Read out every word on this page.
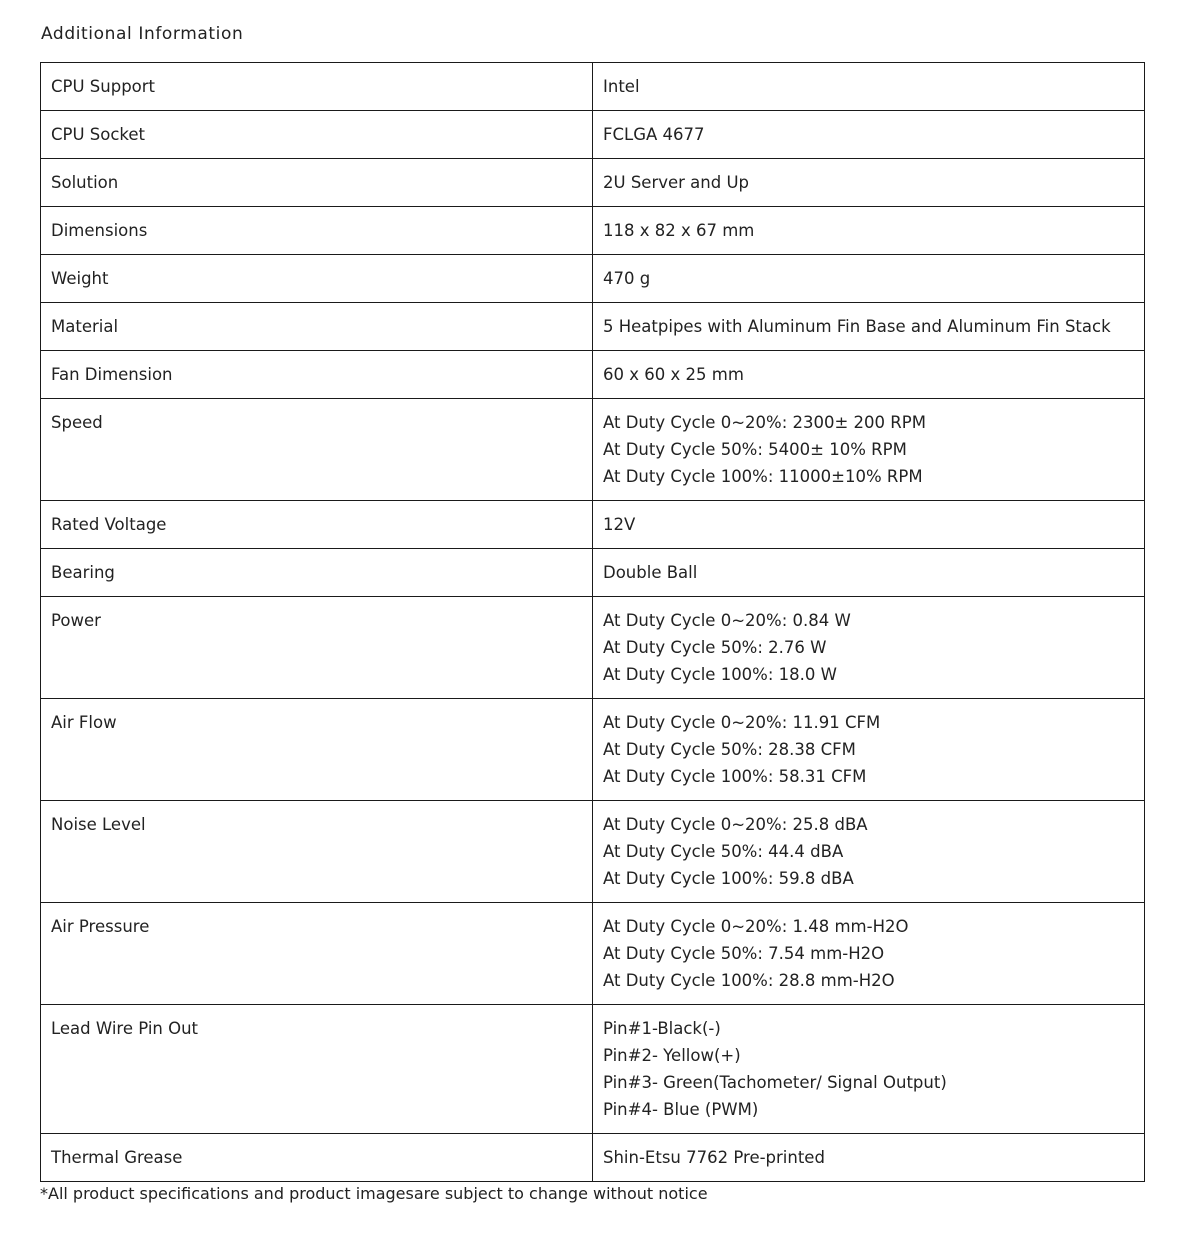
Additional Information
CPU Support	Intel

CPU Socket	FCLGA 4677

Solution	2U Server and Up

Dimensions	118 x 82 x 67 mm

Weight	470 g

Material	5 Heatpipes with Aluminum Fin Base and Aluminum Fin Stack

Fan Dimension	60 x 60 x 25 mm

Speed	At Duty Cycle 0~20%: 2300± 200 RPM
At Duty Cycle 50%: 5400± 10% RPM
At Duty Cycle 100%: 11000±10% RPM

Rated Voltage	12V

Bearing	Double Ball

Power	At Duty Cycle 0~20%: 0.84 W
At Duty Cycle 50%: 2.76 W
At Duty Cycle 100%: 18.0 W

Air Flow	At Duty Cycle 0~20%: 11.91 CFM
At Duty Cycle 50%: 28.38 CFM
At Duty Cycle 100%: 58.31 CFM

Noise Level	At Duty Cycle 0~20%: 25.8 dBA
At Duty Cycle 50%: 44.4 dBA
At Duty Cycle 100%: 59.8 dBA

Air Pressure	At Duty Cycle 0~20%: 1.48 mm-H2O
At Duty Cycle 50%: 7.54 mm-H2O
At Duty Cycle 100%: 28.8 mm-H2O

Lead Wire Pin Out	Pin#1-Black(-)
Pin#2- Yellow(+)
Pin#3- Green(Tachometer/ Signal Output)
Pin#4- Blue (PWM)

Thermal Grease	Shin-Etsu 7762 Pre-printed
*All product specifications and product imagesare subject to change without notice
